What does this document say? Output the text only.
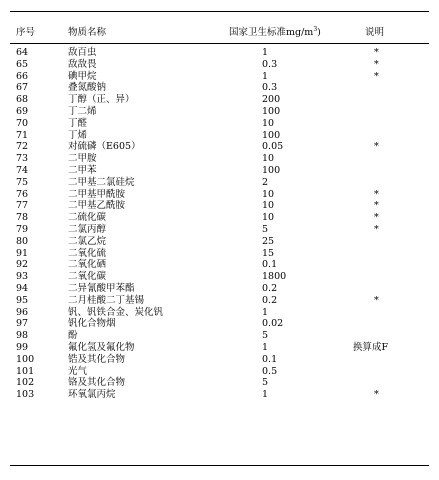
序号	物质名称	国家卫生标准$mg/m^3$)	说明
64	敌百虫	1	*
65	敌敌畏	0.3	*
66	碘甲烷	1	*
67	叠氮酸钠	0.3
68	丁醇（正、异）	200
69	丁二烯	100
70	丁醛	10
71	丁烯	100
72	对硫磷（E605）	0.05	*
73	二甲胺	10
74	二甲苯	100
75	二甲基二氯硅烷	2
76	二甲基甲酰胺	10	*
77	二甲基乙酰胺	10	*
78	二硫化碳	10	*
79	二氯丙醇	5	*
80	二氯乙烷	25
91	二氧化硫	15
92	二氧化硒	0.1
93	二氧化碳	1800
94	二异氰酸甲苯酯	0.2
95	二月桂酸二丁基锡	0.2	*
96	钒、钒铁合金、炭化钒	1
97	钒化合物烟	0.02
98	酚	5
99	氟化氢及氟化物	1	换算成F
100	锆及其化合物	0.1
101	光气	0.5
102	铬及其化合物	5
103	环氧氯丙烷	1	*
